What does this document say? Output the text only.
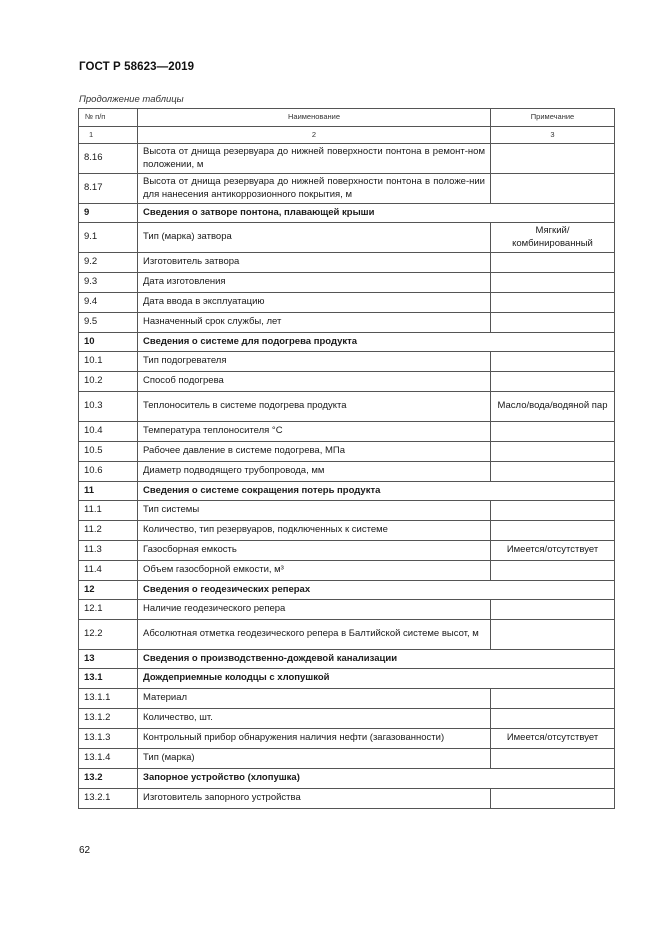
ГОСТ Р 58623—2019
Продолжение таблицы
№ п/п	Наименование	Примечание
1	2	3
8.16	Высота от днища резервуара до нижней поверхности понтона в ремонт-ном положении, м	
8.17	Высота от днища резервуара до нижней поверхности понтона в положе-нии для нанесения антикоррозионного покрытия, м	
9	Сведения о затворе понтона, плавающей крыши	
9.1	Тип (марка) затвора	Мягкий/ комбинированный
9.2	Изготовитель затвора	
9.3	Дата изготовления	
9.4	Дата ввода в эксплуатацию	
9.5	Назначенный срок службы, лет	
10	Сведения о системе для подогрева продукта	
10.1	Тип подогревателя	
10.2	Способ подогрева	
10.3	Теплоноситель в системе подогрева продукта	Масло/вода/водяной пар
10.4	Температура теплоносителя °С	
10.5	Рабочее давление в системе подогрева, МПа	
10.6	Диаметр подводящего трубопровода, мм	
11	Сведения о системе сокращения потерь продукта	
11.1	Тип системы	
11.2	Количество, тип резервуаров, подключенных к системе	
11.3	Газосборная емкость	Имеется/отсутствует
11.4	Объем газосборной емкости, м³	
12	Сведения о геодезических реперах	
12.1	Наличие геодезического репера	
12.2	Абсолютная отметка геодезического репера в Балтийской системе высот, м	
13	Сведения о производственно-дождевой канализации	
13.1	Дождеприемные колодцы с хлопушкой	
13.1.1	Материал	
13.1.2	Количество, шт.	
13.1.3	Контрольный прибор обнаружения наличия нефти (загазованности)	Имеется/отсутствует
13.1.4	Тип (марка)	
13.2	Запорное устройство (хлопушка)	
13.2.1	Изготовитель запорного устройства	
62
